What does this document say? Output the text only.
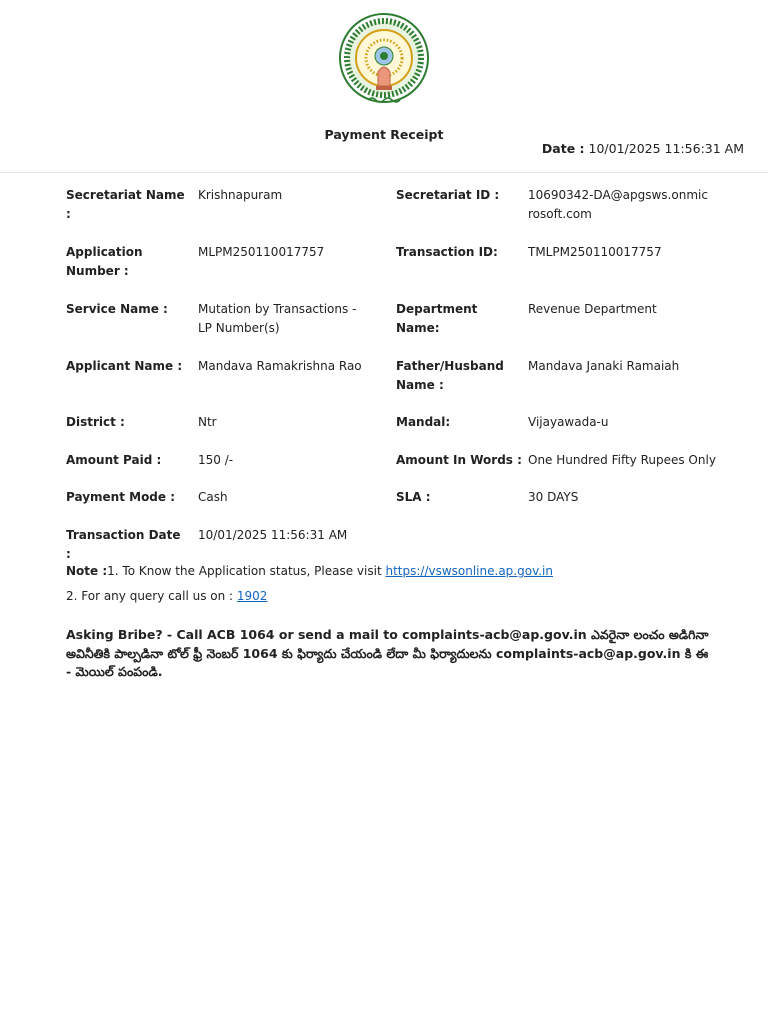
Payment Receipt
Date : 10/01/2025 11:56:31 AM
Secretariat Name :
Krishnapuram	Secretariat ID :	10690342-DA@apgsws.onmicrosoft.com
Application Number :
MLPM250110017757	Transaction ID:	TMLPM250110017757
Service Name :	Mutation by Transactions - LP Number(s)
Department Name:
Revenue Department
Applicant Name :	Mandava Ramakrishna Rao	Father/Husband Name :
Mandava Janaki Ramaiah
District :	Ntr	Mandal:	Vijayawada-u
Amount Paid :	150 /-	Amount In Words : One Hundred Fifty Rupees Only
Payment Mode :	Cash	SLA :	30 DAYS
Transaction Date :
10/01/2025 11:56:31 AM
Note :1. To Know the Application status, Please visit https://vswsonline.ap.gov.in
2. For any query call us on : 1902
Asking Bribe? - Call ACB 1064 or send a mail to complaints-acb@ap.gov.in ఎవరైనా లంచం అడిగినా అవినీతికి పాల్పడినా టోల్ ఫ్రీ నెంబర్ 1064 కు ఫిర్యాదు చేయండి లేదా మీ ఫిర్యాదులను complaints-acb@ap.gov.in కి ఈ - మెయిల్ పంపండి.
